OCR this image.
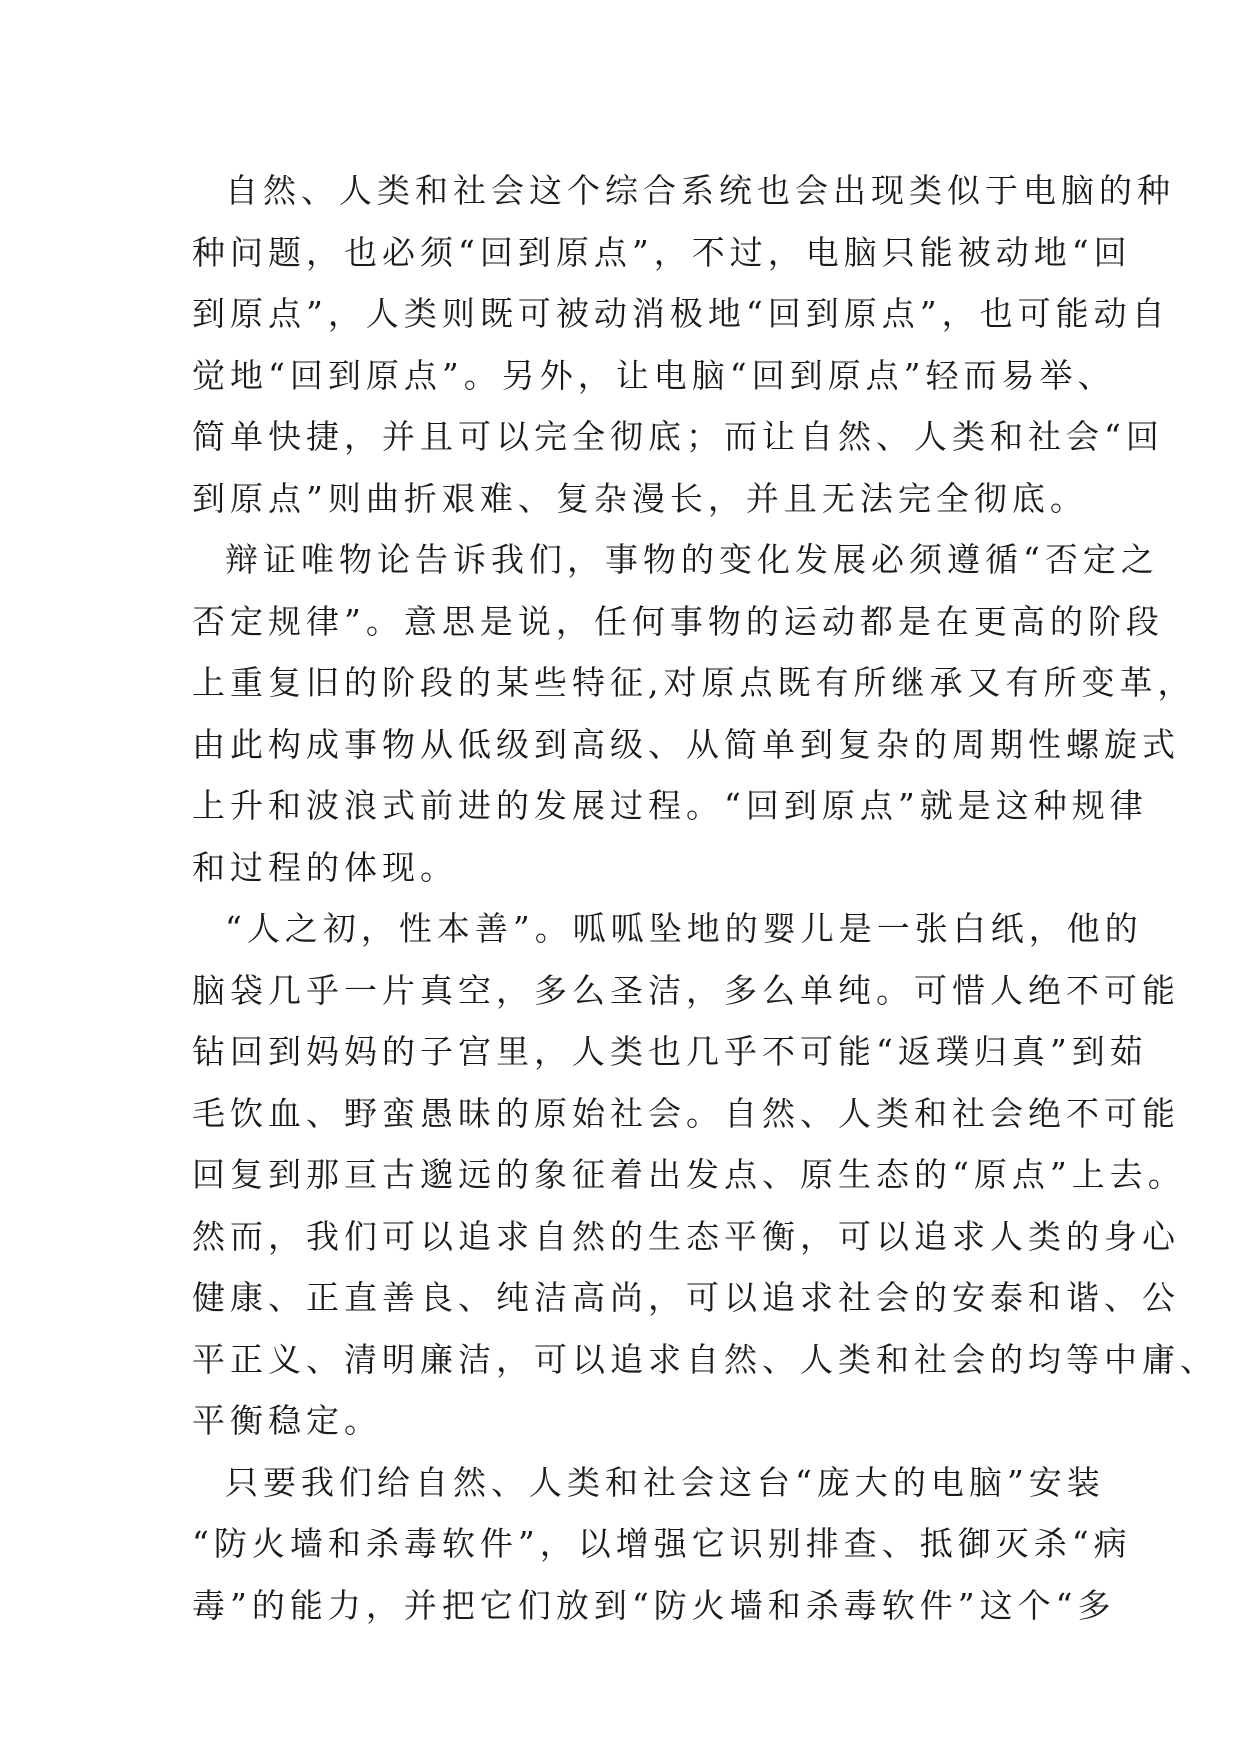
自然、人类和社会这个综合系统也会出现类似于电脑的种
种问题，也必须“回到原点”，不过，电脑只能被动地“回
到原点”，人类则既可被动消极地“回到原点”，也可能动自
觉地“回到原点”。另外，让电脑“回到原点”轻而易举、
简单快捷，并且可以完全彻底；而让自然、人类和社会“回
到原点”则曲折艰难、复杂漫长，并且无法完全彻底。
辩证唯物论告诉我们，事物的变化发展必须遵循“否定之
否定规律”。意思是说，任何事物的运动都是在更高的阶段
上重复旧的阶段的某些特征,对原点既有所继承又有所变革，
由此构成事物从低级到高级、从简单到复杂的周期性螺旋式
上升和波浪式前进的发展过程。“回到原点”就是这种规律
和过程的体现。
“人之初，性本善”。呱呱坠地的婴儿是一张白纸，他的
脑袋几乎一片真空，多么圣洁，多么单纯。可惜人绝不可能
钻回到妈妈的子宫里，人类也几乎不可能“返璞归真”到茹
毛饮血、野蛮愚昧的原始社会。自然、人类和社会绝不可能
回复到那亘古邈远的象征着出发点、原生态的“原点”上去。
然而，我们可以追求自然的生态平衡，可以追求人类的身心
健康、正直善良、纯洁高尚，可以追求社会的安泰和谐、公
平正义、清明廉洁，可以追求自然、人类和社会的均等中庸、
平衡稳定。
只要我们给自然、人类和社会这台“庞大的电脑”安装
“防火墙和杀毒软件”，以增强它识别排查、抵御灭杀“病
毒”的能力，并把它们放到“防火墙和杀毒软件”这个“多
